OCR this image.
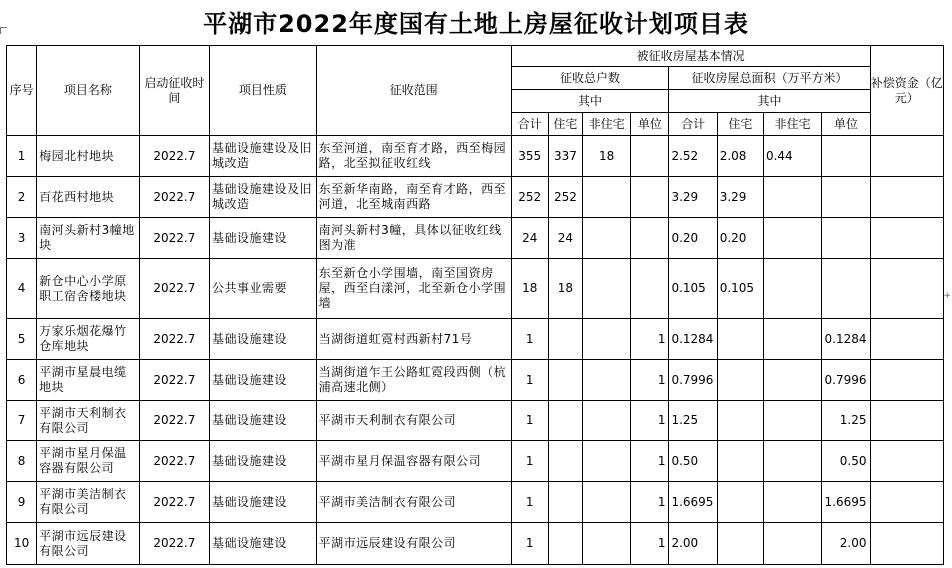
平湖市2022年度国有土地上房屋征收计划项目表
+
序号	项目名称	启动征收时间	项目性质	征收范围	被征收房屋基本情况								补偿资金（亿元）
					征收总户数				征收房屋总面积（万平方米）				
					其中				其中				
					合计	住宅	非住宅	单位	合计	住宅	非住宅	单位	
1	梅园北村地块	2022.7	基础设施建设及旧城改造	东至河道，南至育才路，西至梅园路，北至拟征收红线	355	337	18		2.52	2.08	0.44		
2	百花西村地块	2022.7	基础设施建设及旧城改造	东至新华南路，南至育才路，西至河道，北至城南西路	252	252			3.29	3.29			
3	南河头新村3幢地块	2022.7	基础设施建设	南河头新村3幢，具体以征收红线图为准	24	24			0.20	0.20			
4	新仓中心小学原职工宿舍楼地块	2022.7	公共事业需要	东至新仓小学围墙，南至国资房屋，西至白漾河，北至新仓小学围墙	18	18			0.105	0.105			
5	万家乐烟花爆竹仓库地块	2022.7	基础设施建设	当湖街道虹霓村西新村71号	1			1	0.1284			0.1284	
6	平湖市星晨电缆地块	2022.7	基础设施建设	当湖街道乍王公路虹霓段西侧（杭浦高速北侧）	1			1	0.7996			0.7996	
7	平湖市天利制衣有限公司	2022.7	基础设施建设	平湖市天利制衣有限公司	1			1	1.25			1.25	
8	平湖市星月保温容器有限公司	2022.7	基础设施建设	平湖市星月保温容器有限公司	1			1	0.50			0.50	
9	平湖市美洁制衣有限公司	2022.7	基础设施建设	平湖市美洁制衣有限公司	1			1	1.6695			1.6695	
10	平湖市远辰建设有限公司	2022.7	基础设施建设	平湖市远辰建设有限公司	1			1	2.00			2.00	
